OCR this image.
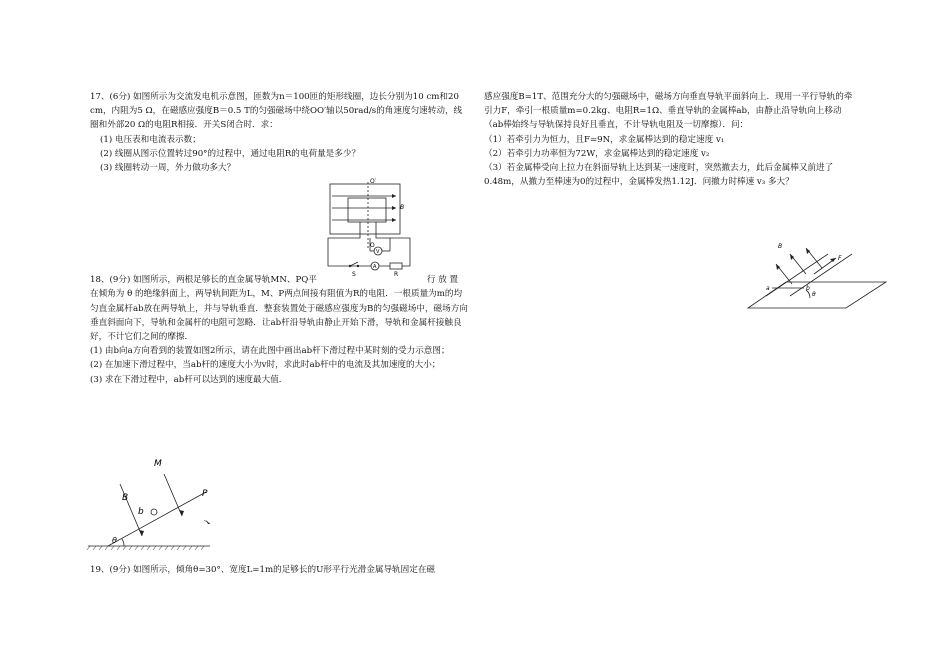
17、(6分) 如图所示为交流发电机示意图，匝数为n＝100匝的矩形线圈，边长分别为10 cm和20 cm，内阻为5 Ω，在磁感应强度B＝0.5 T的匀强磁场中绕OO′轴以50rad/s的角速度匀速转动，线圈和外部20 Ω的电阻R相接．开关S闭合时．求：

(1) 电压表和电流表示数；

(2) 线圈从图示位置转过90°的过程中，通过电阻R的电荷量是多少？

(3) 线圈转动一周，外力做功多大？

18、(9分) 如图所示，两根足够长的直金属导轨MN、PQ平	行 放 置

在倾角为 θ 的绝缘斜面上，两导轨间距为L，M、P两点间接有阻值为R的电阻．一根质量为m的均匀直金属杆ab放在两导轨上，并与导轨垂直．整套装置处于磁感应强度为B的匀强磁场中，磁场方向垂直斜面向下，导轨和金属杆的电阻可忽略．让ab杆沿导轨由静止开始下滑，导轨和金属杆接触良好，不计它们之间的摩擦．

(1) 由b向a方向看到的装置如图2所示，请在此图中画出ab杆下滑过程中某时刻的受力示意图；

(2) 在加速下滑过程中，当ab杆的速度大小为v时，求此时ab杆中的电流及其加速度的大小；

(3) 求在下滑过程中，ab杆可以达到的速度最大值．

19、(9分) 如图所示，倾角θ=30°、宽度L=1m的足够长的U形平行光滑金属导轨固定在磁

感应强度B=1T、范围充分大的匀强磁场中，磁场方向垂直导轨平面斜向上．现用一平行导轨的牵引力F，牵引一根质量m=0.2kg、电阻R=1Ω、垂直导轨的金属棒ab，由静止沿导轨向上移动（ab棒始终与导轨保持良好且垂直，不计导轨电阻及一切摩擦）．问：

（1）若牵引力为恒力，且F=9N，求金属棒达到的稳定速度 v₁

（2）若牵引力功率恒为72W，求金属棒达到的稳定速度 v₂

（3）若金属棒受向上拉力在斜面导轨上达到某一速度时，突然撤去力，此后金属棒又前进了0.48m，从撤力至棒速为0的过程中，金属棒发热1.12J．问撤力时棒速 v₃ 多大？

O′
B
O
V
A
S	R
M
B
b
P
θ
B
F
a	b
θ
